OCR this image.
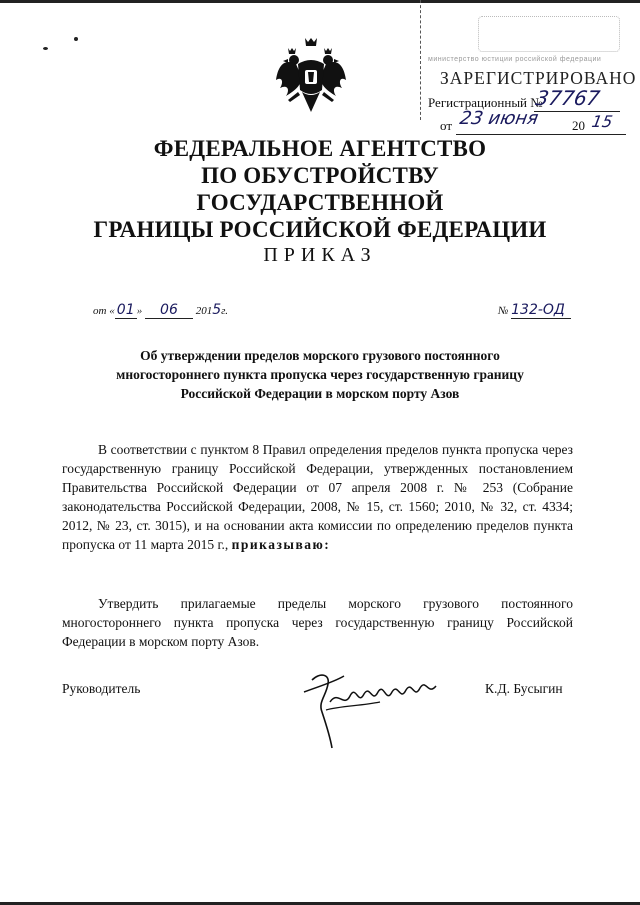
министерство юстиции российской федерации
ЗАРЕГИСТРИРОВАНО
Регистрационный №
37767
от 23 июня 20 15
ФЕДЕРАЛЬНОЕ АГЕНТСТВО
ПО ОБУСТРОЙСТВУ ГОСУДАРСТВЕННОЙ
ГРАНИЦЫ РОССИЙСКОЙ ФЕДЕРАЦИИ
ПРИКАЗ
от « 01 » 06 2015г.	№ 132-ОД
Об утверждении пределов морского грузового постоянного
многостороннего пункта пропуска через государственную границу
Российской Федерации в морском порту Азов
В соответствии с пунктом 8 Правил определения пределов пункта пропуска через государственную границу Российской Федерации, утвержденных постановлением Правительства Российской Федерации от 07 апреля 2008 г. № 253 (Собрание законодательства Российской Федерации, 2008, № 15, ст. 1560; 2010, № 32, ст. 4334; 2012, № 23, ст. 3015), и на основании акта комиссии по определению пределов пункта пропуска от 11 марта 2015 г., приказываю:
Утвердить прилагаемые пределы морского грузового постоянного многостороннего пункта пропуска через государственную границу Российской Федерации в морском порту Азов.
Руководитель	К.Д. Бусыгин
